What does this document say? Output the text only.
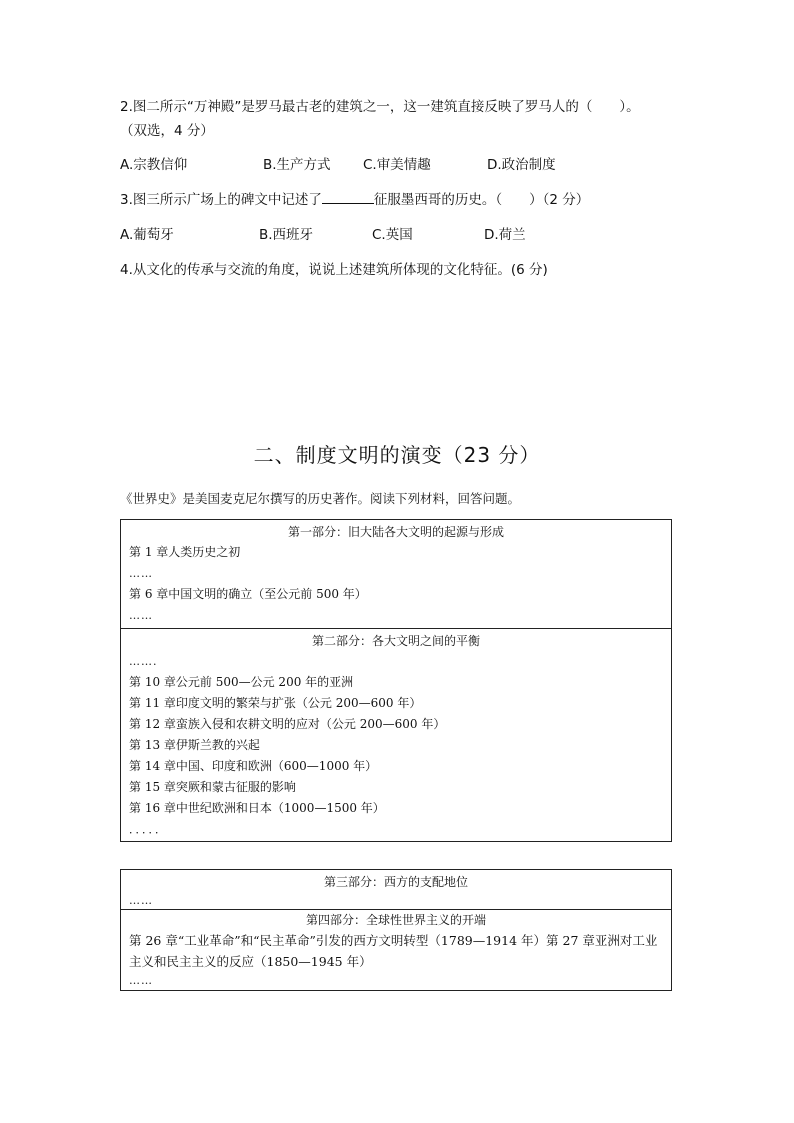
2.图二所示“万神殿”是罗马最古老的建筑之一，这一建筑直接反映了罗马人的（　　）。
（双选，4 分）
A.宗教信仰	B.生产方式 C.审美情趣	D.政治制度
3.图三所示广场上的碑文中记述了	征服墨西哥的历史。（　　）（2 分）
A.葡萄牙	B.西班牙	C.英国	D.荷兰
4.从文化的传承与交流的角度，说说上述建筑所体现的文化特征。(6 分)
二、制度文明的演变（23 分）
《世界史》是美国麦克尼尔撰写的历史著作。阅读下列材料，回答问题。
第一部分：旧大陆各大文明的起源与形成
第 1 章人类历史之初
……
第 6 章中国文明的确立（至公元前 500 年）
……
第二部分：各大文明之间的平衡
…….
第 10 章公元前 500—公元 200 年的亚洲
第 11 章印度文明的繁荣与扩张（公元 200—600 年）
第 12 章蛮族入侵和农耕文明的应对（公元 200—600 年）
第 13 章伊斯兰教的兴起
第 14 章中国、印度和欧洲（600—1000 年）
第 15 章突厥和蒙古征服的影响
第 16 章中世纪欧洲和日本（1000—1500 年）
．．．．．
第三部分：西方的支配地位
……
第四部分：全球性世界主义的开端
第 26 章“工业革命”和“民主革命”引发的西方文明转型（1789—1914 年）第 27 章亚洲对工业主义和民主主义的反应（1850—1945 年）
……
